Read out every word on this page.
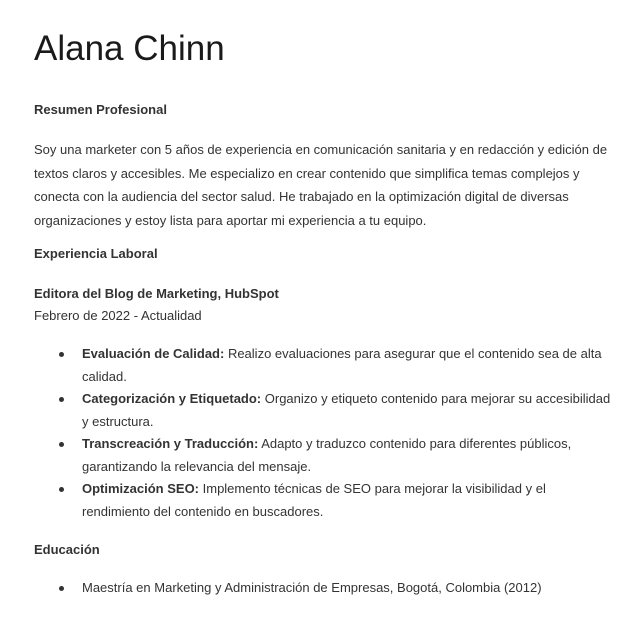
Alana Chinn
Resumen Profesional

Soy una marketer con 5 años de experiencia en comunicación sanitaria y en redacción y edición de textos claros y accesibles. Me especializo en crear contenido que simplifica temas complejos y conecta con la audiencia del sector salud. He trabajado en la optimización digital de diversas organizaciones y estoy lista para aportar mi experiencia a tu equipo.

Experiencia Laboral

Editora del Blog de Marketing, HubSpot

Febrero de 2022 - Actualidad

Evaluación de Calidad: Realizo evaluaciones para asegurar que el contenido sea de alta calidad.
Categorización y Etiquetado: Organizo y etiqueto contenido para mejorar su accesibilidad y estructura.
Transcreación y Traducción: Adapto y traduzco contenido para diferentes públicos, garantizando la relevancia del mensaje.
Optimización SEO: Implemento técnicas de SEO para mejorar la visibilidad y el rendimiento del contenido en buscadores.
Educación
Maestría en Marketing y Administración de Empresas, Bogotá, Colombia (2012)
